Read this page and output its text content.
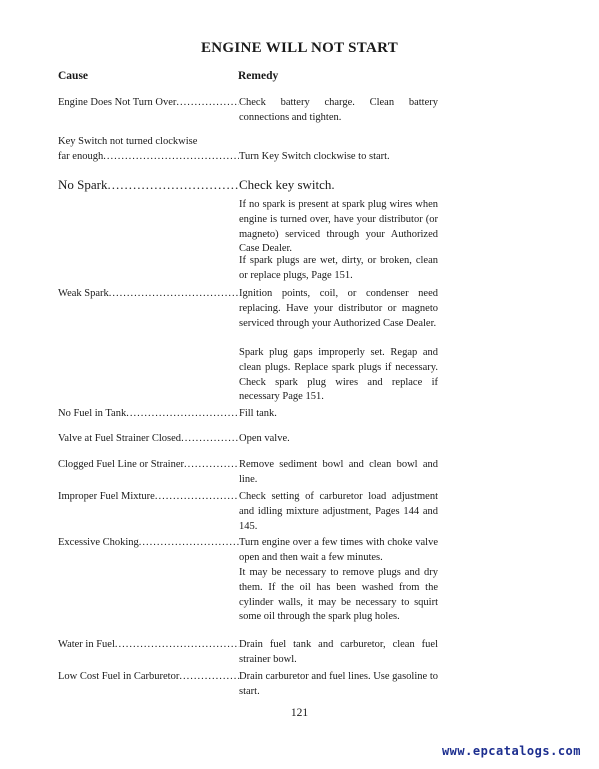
ENGINE WILL NOT START
Cause	Remedy
Engine Does Not Turn Over .....	Check battery charge. Clean battery connections and tighten.
Key Switch not turned clockwise
far enough .....	Turn Key Switch clockwise to start.
No Spark .....	Check key switch.
If no spark is present at spark plug wires when engine is turned over, have your distributor (or magneto) serviced through your Authorized Case Dealer.
If spark plugs are wet, dirty, or broken, clean or replace plugs, Page 151.
Weak Spark .....	Ignition points, coil, or condenser need replacing. Have your distributor or magneto serviced through your Authorized Case Dealer.
Spark plug gaps improperly set. Regap and clean plugs. Replace spark plugs if necessary. Check spark plug wires and replace if necessary Page 151.
No Fuel in Tank .....	Fill tank.
Valve at Fuel Strainer Closed .....	Open valve.
Clogged Fuel Line or Strainer .....	Remove sediment bowl and clean bowl and line.
Improper Fuel Mixture .....	Check setting of carburetor load adjustment and idling mixture adjustment, Pages 144 and 145.
Excessive Choking .....	Turn engine over a few times with choke valve open and then wait a few minutes.
It may be necessary to remove plugs and dry them. If the oil has been washed from the cylinder walls, it may be necessary to squirt some oil through the spark plug holes.
Water in Fuel .....	Drain fuel tank and carburetor, clean fuel strainer bowl.
Low Cost Fuel in Carburetor .....	Drain carburetor and fuel lines. Use gasoline to start.
121
www.epcatalogs.com
